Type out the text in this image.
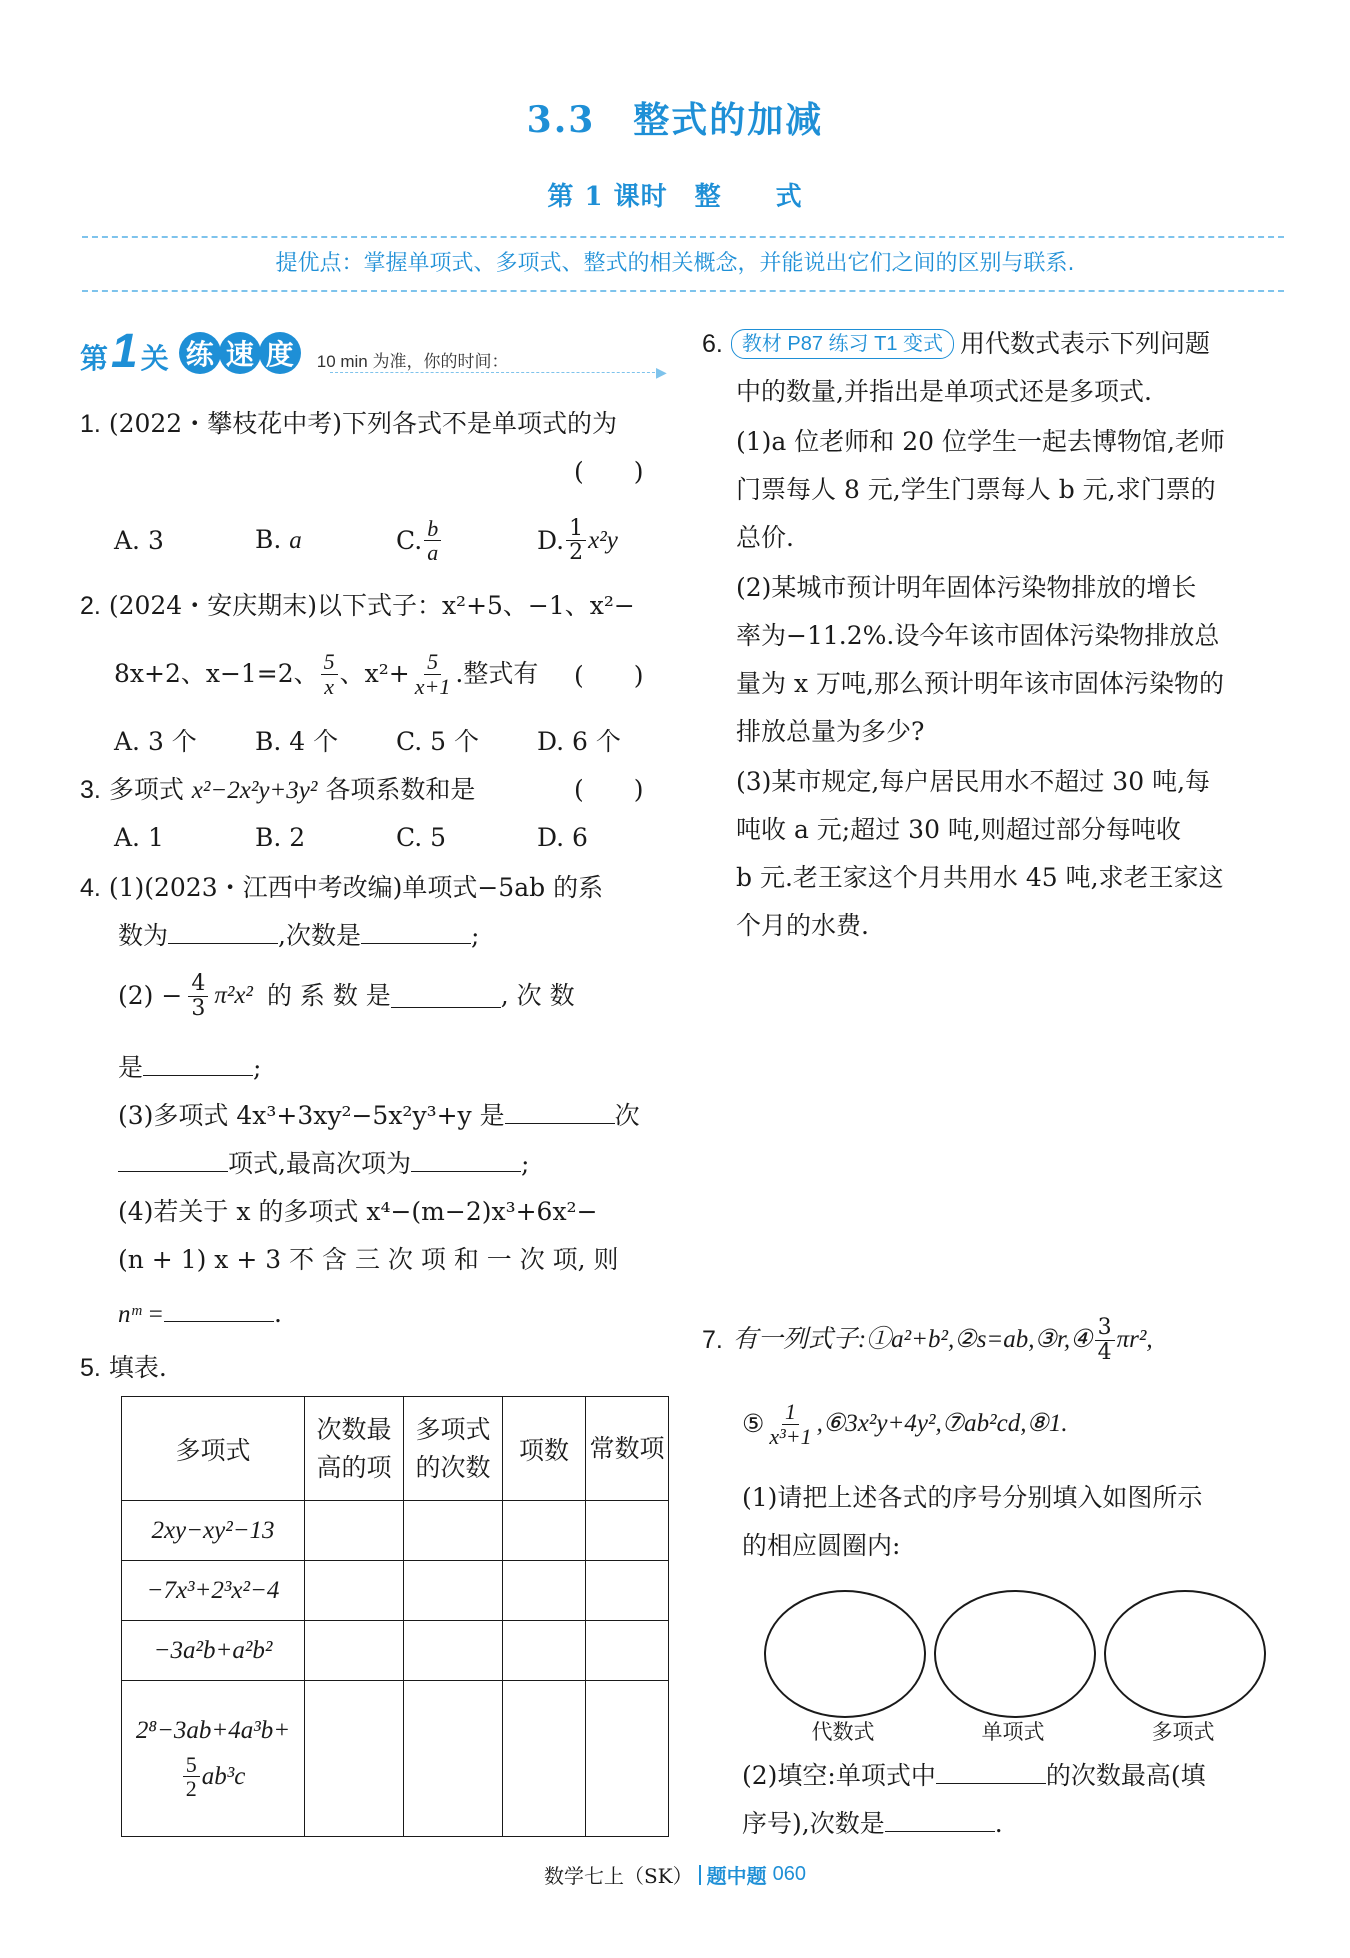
3.3　整式的加减
第 1 课时　整　　式
提优点：掌握单项式、多项式、整式的相关概念，并能说出它们之间的区别与联系.
第 1 关 练 速 度	10 min 为准，你的时间：
▶
1. (2022・攀枝花中考)下列各式不是单项式的为
(　　)
A. 3	B. a	C. $\frac{b}{a}$	D. $\frac{1}{2} x^2y$
2. (2024・安庆期末)以下式子：x²+5、−1、x²−
8x+2、x−1=2、 $\frac{5}{x}$ 、$x^2+ \frac{5}{x+1}$ .整式有 (　　)
A. 3 个	B. 4 个	C. 5 个	D. 6 个
3. 多项式 x²−2x²y+3y² 各项系数和是	(　　)
A. 1	B. 2	C. 5	D. 6
4. (1)(2023・江西中考改编)单项式−5ab 的系
数为	,次数是	;
$(2) - \frac{4}{3} \pi^2x^2$ 的 系 数 是	, 次 数
是	;
(3)多项式 4x³+3xy²−5x²y³+y 是	次
项式,最高次项为	;
(4)若关于 x 的多项式 x⁴−(m−2)x³+6x²−
(n + 1) x + 3 不 含 三 次 项 和 一 次 项, 则
nᵐ =	.
5. 填表.
多项式	次数最高的项	多项式的次数	项数	常数项
2xy−xy²−13				
−7x³+2³x²−4				
−3a²b+a²b²				

2⁸−3ab+4a³b+
$\frac{5}{2} ab^3c$				

6. 教材 P87 练习 T1 变式 用代数式表示下列问题
中的数量,并指出是单项式还是多项式.
(1)a 位老师和 20 位学生一起去博物馆,老师
门票每人 8 元,学生门票每人 b 元,求门票的
总价.
(2)某城市预计明年固体污染物排放的增长
率为−11.2%.设今年该市固体污染物排放总
量为 x 万吨,那么预计明年该市固体污染物的
排放总量为多少?
(3)某市规定,每户居民用水不超过 30 吨,每
吨收 a 元;超过 30 吨,则超过部分每吨收
b 元.老王家这个月共用水 45 吨,求老王家这
个月的水费.
7. 有一列式子:①a²+b²,②s=ab,③r,④ $\frac{3}{4} \pi r^2$,
⑤ $\frac{1}{\text{x³+1}}$ ,⑥3x²y+4y²,⑦ab²cd,⑧1.
(1)请把上述各式的序号分别填入如图所示
的相应圆圈内:
代数式	单项式	多项式
(2)填空:单项式中	的次数最高(填
序号),次数是	.
数学七上（SK） 题中题 060
